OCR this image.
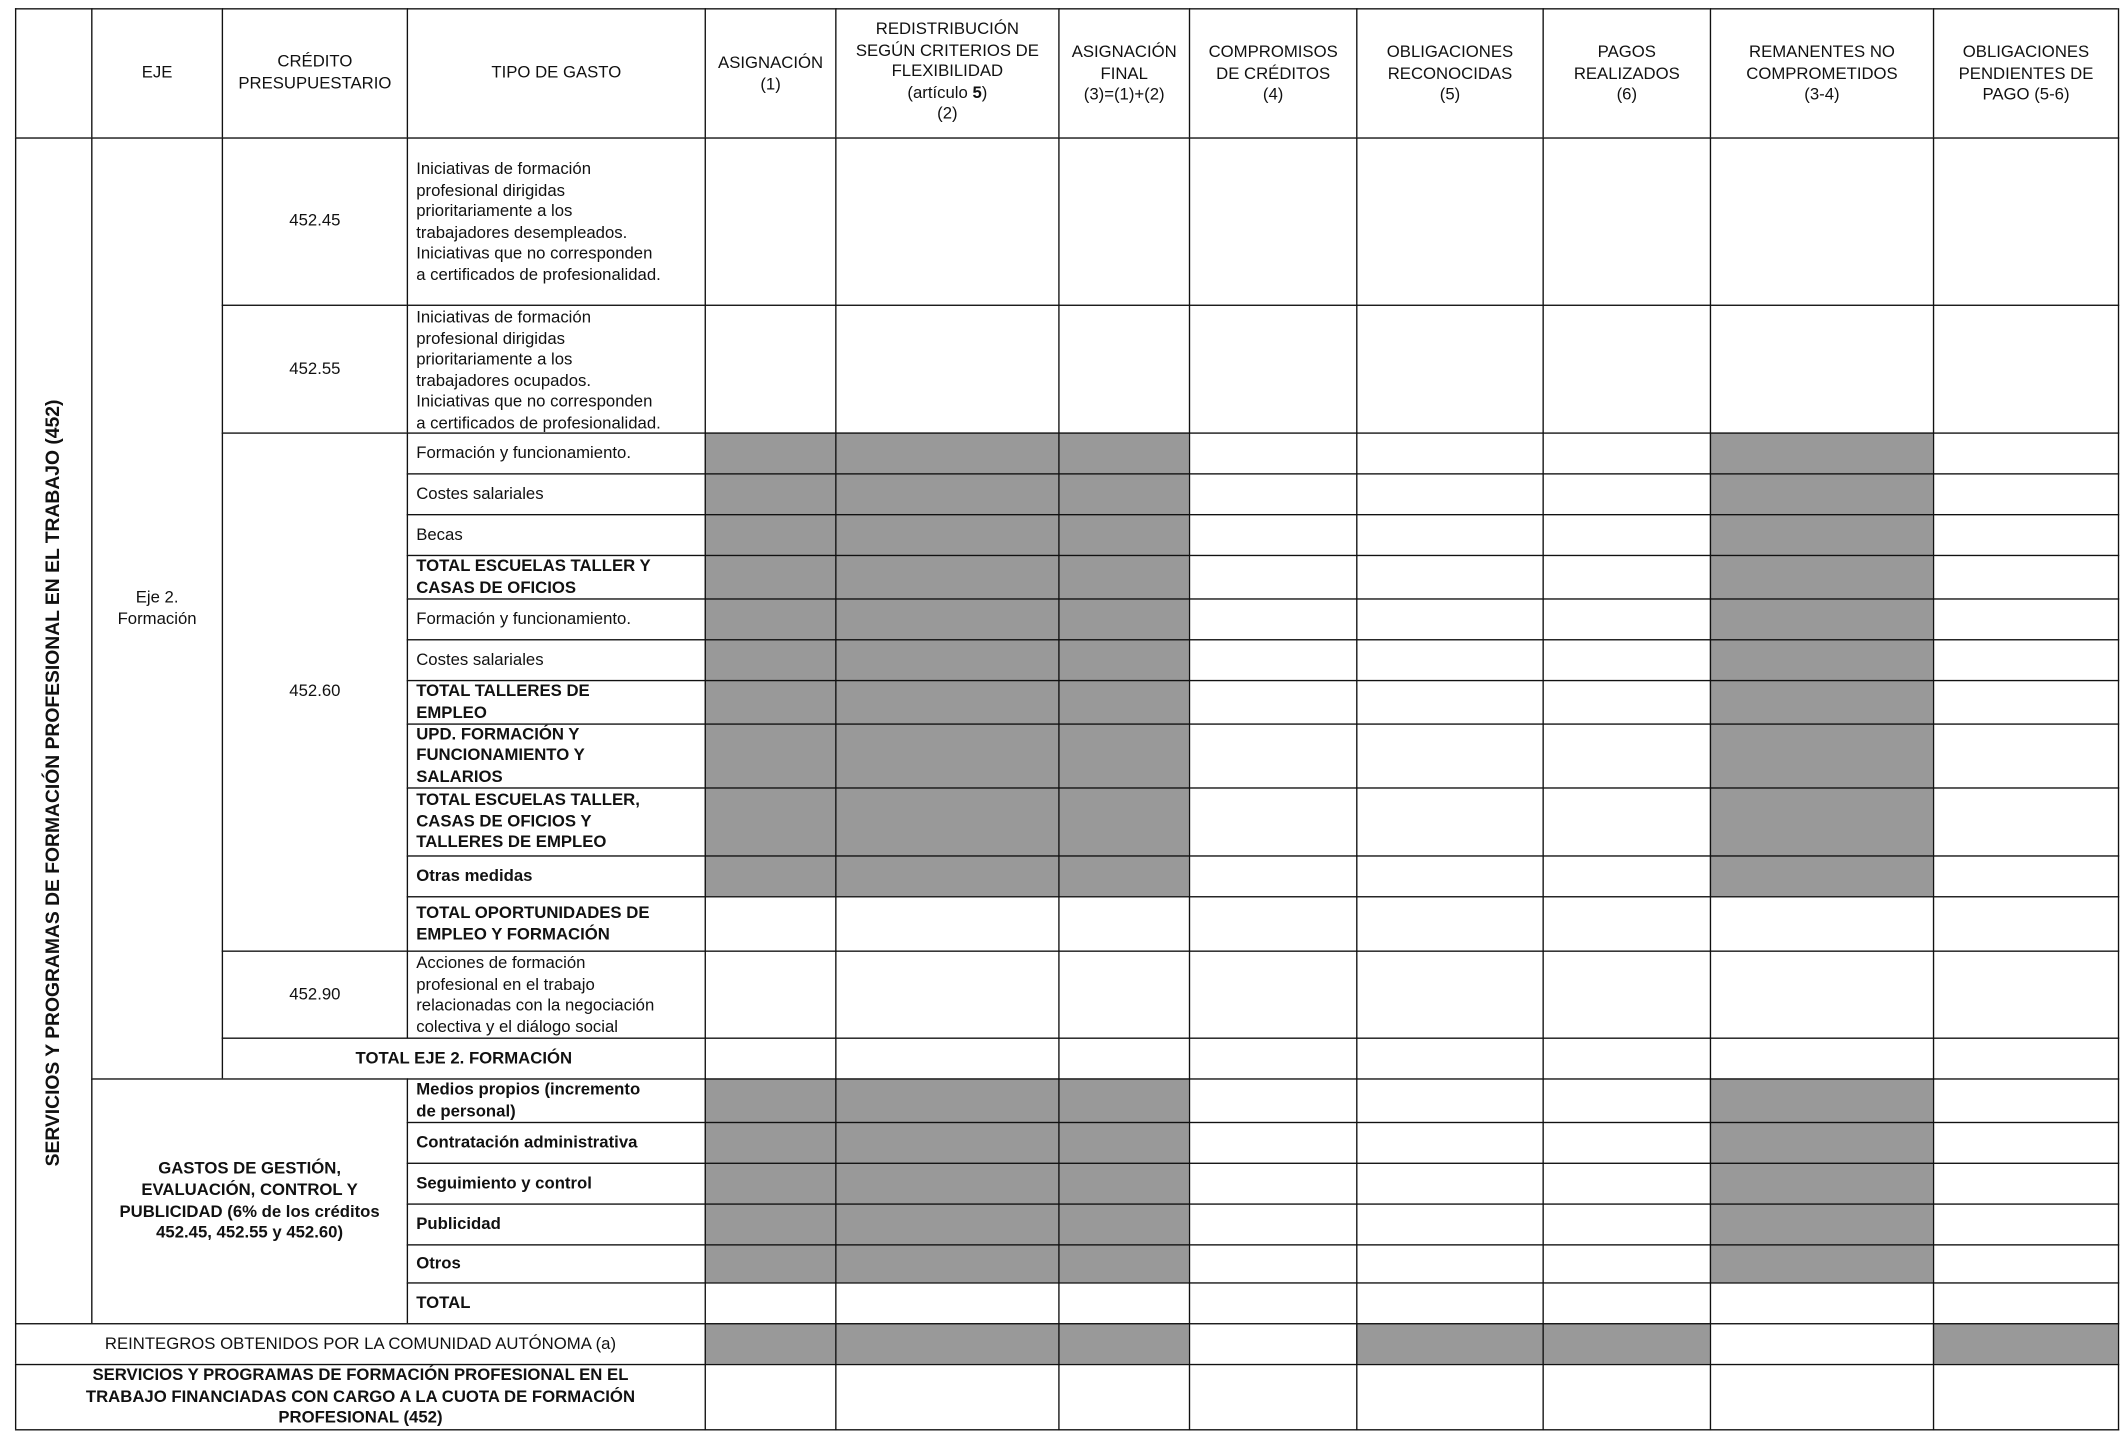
EJE
CRÉDITO
PRESUPUESTARIO
TIPO DE GASTO
ASIGNACIÓN
(1)
REDISTRIBUCIÓN
SEGÚN CRITERIOS DE
FLEXIBILIDAD
(artículo 5)
(2)
ASIGNACIÓN
FINAL
(3)=(1)+(2)
COMPROMISOS
DE CRÉDITOS
(4)
OBLIGACIONES
RECONOCIDAS
(5)
PAGOS
REALIZADOS
(6)
REMANENTES NO
COMPROMETIDOS
(3-4)
OBLIGACIONES
PENDIENTES DE
PAGO (5-6)
SERVICIOS Y PROGRAMAS DE FORMACIÓN PROFESIONAL EN EL TRABAJO (452)	Eje 2.
Formación
452.45
452.55
452.60
452.90
TOTAL EJE 2. FORMACIÓN
GASTOS DE GESTIÓN,
EVALUACIÓN, CONTROL Y
PUBLICIDAD (6% de los créditos
452.45, 452.55 y 452.60)
Iniciativas de formación
profesional dirigidas
prioritariamente a los
trabajadores desempleados.
Iniciativas que no corresponden
a certificados de profesionalidad.
Iniciativas de formación
profesional dirigidas
prioritariamente a los
trabajadores ocupados.
Iniciativas que no corresponden
a certificados de profesionalidad.
Formación y funcionamiento.
Costes salariales
Becas
TOTAL ESCUELAS TALLER Y
CASAS DE OFICIOS
Formación y funcionamiento.
Costes salariales
TOTAL TALLERES DE
EMPLEO
UPD. FORMACIÓN Y
FUNCIONAMIENTO Y
SALARIOS
TOTAL ESCUELAS TALLER,
CASAS DE OFICIOS Y
TALLERES DE EMPLEO
Otras medidas
TOTAL OPORTUNIDADES DE
EMPLEO Y FORMACIÓN
Acciones de formación
profesional en el trabajo
relacionadas con la negociación
colectiva y el diálogo social
Medios propios (incremento
de personal)
Contratación administrativa
Seguimiento y control
Publicidad
Otros
TOTAL
REINTEGROS OBTENIDOS POR LA COMUNIDAD AUTÓNOMA (a)
SERVICIOS Y PROGRAMAS DE FORMACIÓN PROFESIONAL EN EL
TRABAJO FINANCIADAS CON CARGO A LA CUOTA DE FORMACIÓN
PROFESIONAL (452)
